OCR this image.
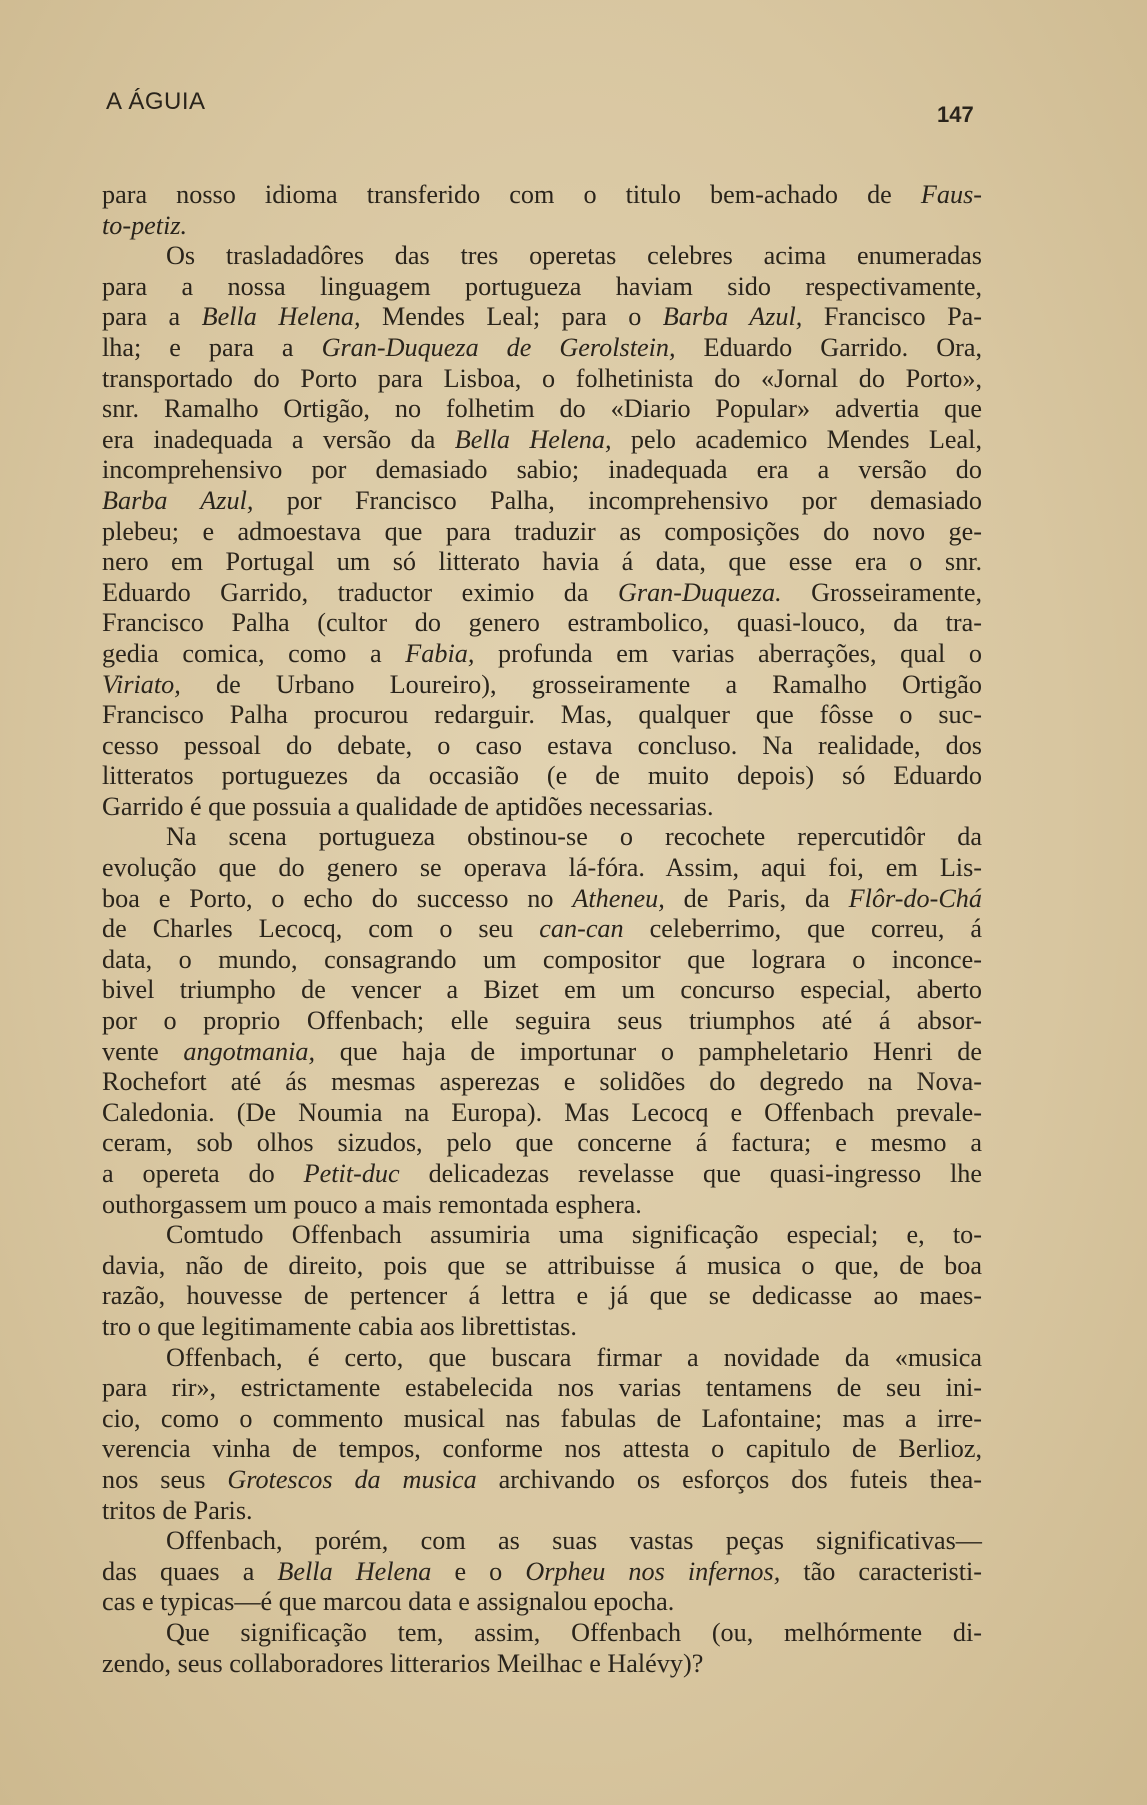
A ÁGUIA	147
para nosso idioma transferido com o titulo bem-achado de Faus-
to-petiz.
Os trasladadôres das tres operetas celebres acima enumeradas
para a nossa linguagem portugueza haviam sido respectivamente,
para a Bella Helena, Mendes Leal; para o Barba Azul, Francisco Pa-
lha; e para a Gran-Duqueza de Gerolstein, Eduardo Garrido. Ora,
transportado do Porto para Lisboa, o folhetinista do «Jornal do Porto»,
snr. Ramalho Ortigão, no folhetim do «Diario Popular» advertia que
era inadequada a versão da Bella Helena, pelo academico Mendes Leal,
incomprehensivo por demasiado sabio; inadequada era a versão do
Barba Azul, por Francisco Palha, incomprehensivo por demasiado
plebeu; e admoestava que para traduzir as composições do novo ge-
nero em Portugal um só litterato havia á data, que esse era o snr.
Eduardo Garrido, traductor eximio da Gran-Duqueza. Grosseiramente,
Francisco Palha (cultor do genero estrambolico, quasi-louco, da tra-
gedia comica, como a Fabia, profunda em varias aberrações, qual o
Viriato, de Urbano Loureiro), grosseiramente a Ramalho Ortigão
Francisco Palha procurou redarguir. Mas, qualquer que fôsse o suc-
cesso pessoal do debate, o caso estava concluso. Na realidade, dos
litteratos portuguezes da occasião (e de muito depois) só Eduardo
Garrido é que possuia a qualidade de aptidões necessarias.
Na scena portugueza obstinou-se o recochete repercutidôr da
evolução que do genero se operava lá-fóra. Assim, aqui foi, em Lis-
boa e Porto, o echo do successo no Atheneu, de Paris, da Flôr-do-Chá
de Charles Lecocq, com o seu can-can celeberrimo, que correu, á
data, o mundo, consagrando um compositor que lograra o inconce-
bivel triumpho de vencer a Bizet em um concurso especial, aberto
por o proprio Offenbach; elle seguira seus triumphos até á absor-
vente angotmania, que haja de importunar o pampheletario Henri de
Rochefort até ás mesmas asperezas e solidões do degredo na Nova-
Caledonia. (De Noumia na Europa). Mas Lecocq e Offenbach prevale-
ceram, sob olhos sizudos, pelo que concerne á factura; e mesmo a
a opereta do Petit-duc delicadezas revelasse que quasi-ingresso lhe
outhorgassem um pouco a mais remontada esphera.
Comtudo Offenbach assumiria uma significação especial; e, to-
davia, não de direito, pois que se attribuisse á musica o que, de boa
razão, houvesse de pertencer á lettra e já que se dedicasse ao maes-
tro o que legitimamente cabia aos librettistas.
Offenbach, é certo, que buscara firmar a novidade da «musica
para rir», estrictamente estabelecida nos varias tentamens de seu ini-
cio, como o commento musical nas fabulas de Lafontaine; mas a irre-
verencia vinha de tempos, conforme nos attesta o capitulo de Berlioz,
nos seus Grotescos da musica archivando os esforços dos futeis thea-
tritos de Paris.
Offenbach, porém, com as suas vastas peças significativas—
das quaes a Bella Helena e o Orpheu nos infernos, tão caracteristi-
cas e typicas—é que marcou data e assignalou epocha.
Que significação tem, assim, Offenbach (ou, melhórmente di-
zendo, seus collaboradores litterarios Meilhac e Halévy)?
